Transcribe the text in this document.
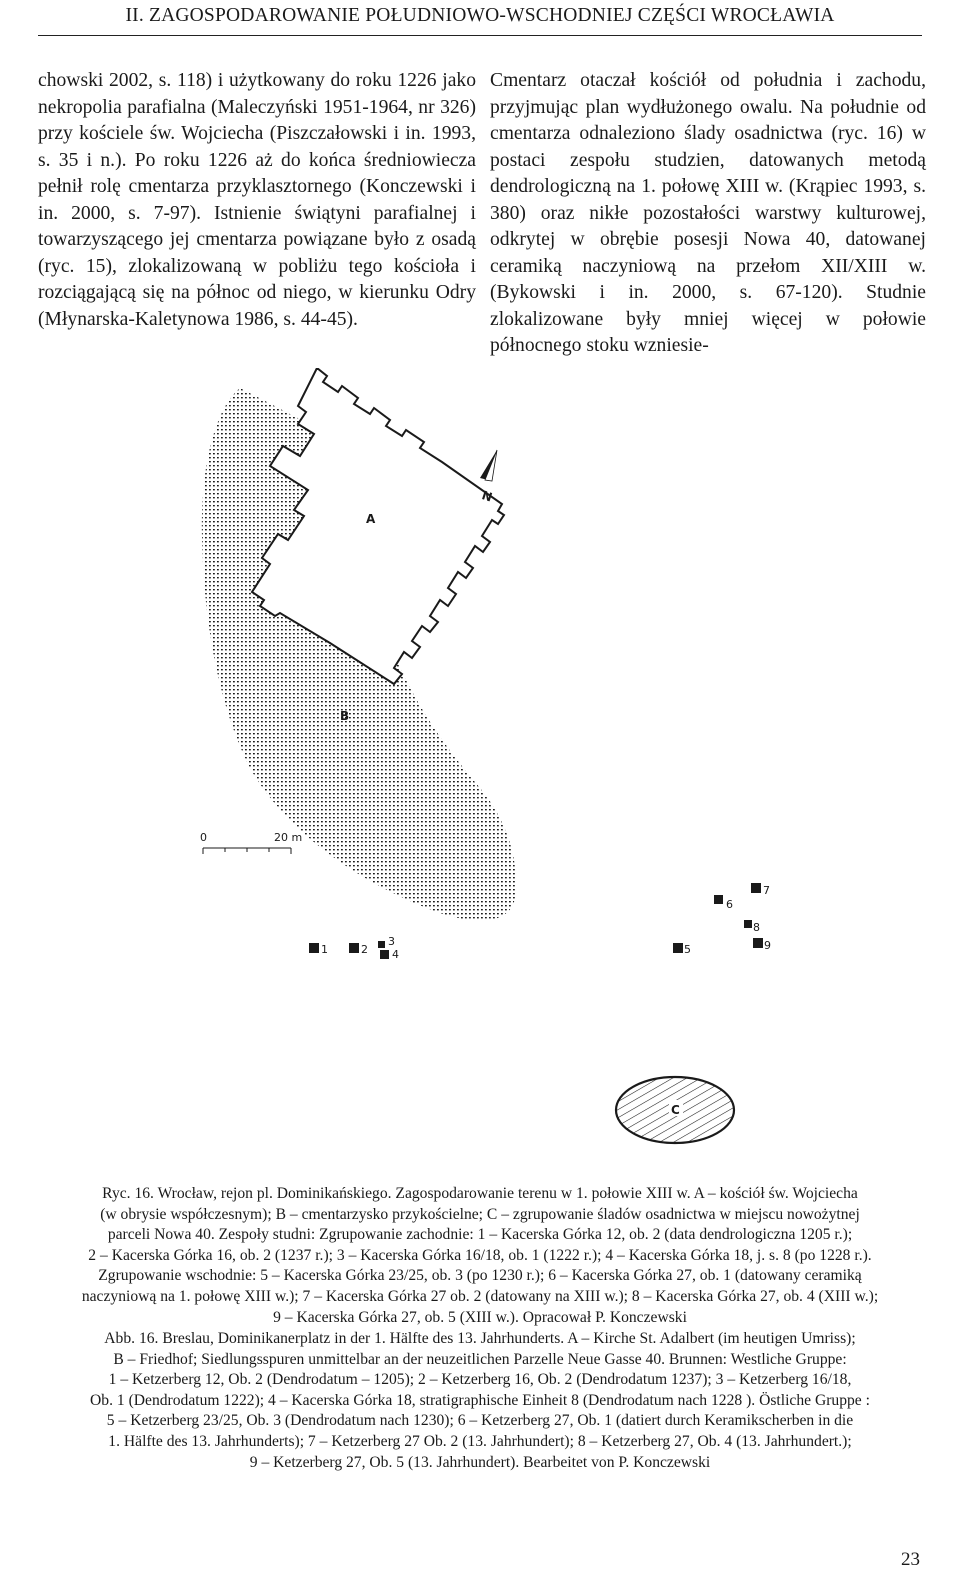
II. ZAGOSPODAROWANIE POŁUDNIOWO-WSCHODNIEJ CZĘŚCI WROCŁAWIA
chowski 2002, s. 118) i użytkowany do roku 1226 jako nekropolia parafialna (Maleczyński 1951-1964, nr 326) przy kościele św. Wojciecha (Piszczałowski i in. 1993, s. 35 i n.). Po roku 1226 aż do końca średniowiecza pełnił rolę cmentarza przyklasztornego (Konczewski i in. 2000, s. 7-97). Istnienie świątyni parafialnej i towarzyszącego jej cmentarza powiązane było z osadą (ryc. 15), zlokalizowaną w pobliżu tego kościoła i rozciągającą się na północ od niego, w kierunku Odry (Młynarska-Kaletynowa 1986, s. 44-45).
Cmentarz otaczał kościół od południa i zachodu, przyjmując plan wydłużonego owalu. Na południe od cmentarza odnaleziono ślady osadnictwa (ryc. 16) w postaci zespołu studzien, datowanych metodą dendrologiczną na 1. połowę XIII w. (Krąpiec 1993, s. 380) oraz nikłe pozostałości warstwy kulturowej, odkrytej w obrębie posesji Nowa 40, datowanej ceramiką naczyniową na przełom XII/XIII w. (Bykowski i in. 2000, s. 67-120). Studnie zlokalizowane były mniej więcej w połowie północnego stoku wzniesie-
A
B
N
0	20 m
1	2
3
4	5
6
7
8
9
C

Ryc. 16. Wrocław, rejon pl. Dominikańskiego. Zagospodarowanie terenu w 1. połowie XIII w. A – kościół św. Wojciecha

(w obrysie współczesnym); B – cmentarzysko przykościelne; C – zgrupowanie śladów osadnictwa w miejscu nowożytnej

parceli Nowa 40. Zespoły studni: Zgrupowanie zachodnie: 1 – Kacerska Górka 12, ob. 2 (data dendrologiczna 1205 r.);

2 – Kacerska Górka 16, ob. 2 (1237 r.); 3 – Kacerska Górka 16/18, ob. 1 (1222 r.); 4 – Kacerska Górka 18, j. s. 8 (po 1228 r.).

Zgrupowanie wschodnie: 5 – Kacerska Górka 23/25, ob. 3 (po 1230 r.); 6 – Kacerska Górka 27, ob. 1 (datowany ceramiką

naczyniową na 1. połowę XIII w.); 7 – Kacerska Górka 27 ob. 2 (datowany na XIII w.); 8 – Kacerska Górka 27, ob. 4 (XIII w.);

9 – Kacerska Górka 27, ob. 5 (XIII w.). Opracował P. Konczewski

Abb. 16. Breslau, Dominikanerplatz in der 1. Hälfte des 13. Jahrhunderts. A – Kirche St. Adalbert (im heutigen Umriss);

B – Friedhof; Siedlungsspuren unmittelbar an der neuzeitlichen Parzelle Neue Gasse 40. Brunnen: Westliche Gruppe:

1 – Ketzerberg 12, Ob. 2 (Dendrodatum – 1205); 2 – Ketzerberg 16, Ob. 2 (Dendrodatum 1237); 3 – Ketzerberg 16/18,

Ob. 1 (Dendrodatum 1222); 4 – Kacerska Górka 18, stratigraphische Einheit 8 (Dendrodatum nach 1228 ). Östliche Gruppe :

5 – Ketzerberg 23/25, Ob. 3 (Dendrodatum nach 1230); 6 – Ketzerberg 27, Ob. 1 (datiert durch Keramikscherben in die

1. Hälfte des 13. Jahrhunderts); 7 – Ketzerberg 27 Ob. 2 (13. Jahrhundert); 8 – Ketzerberg 27, Ob. 4 (13. Jahrhundert.);

9 – Ketzerberg 27, Ob. 5 (13. Jahrhundert). Bearbeitet von P. Konczewski

23
